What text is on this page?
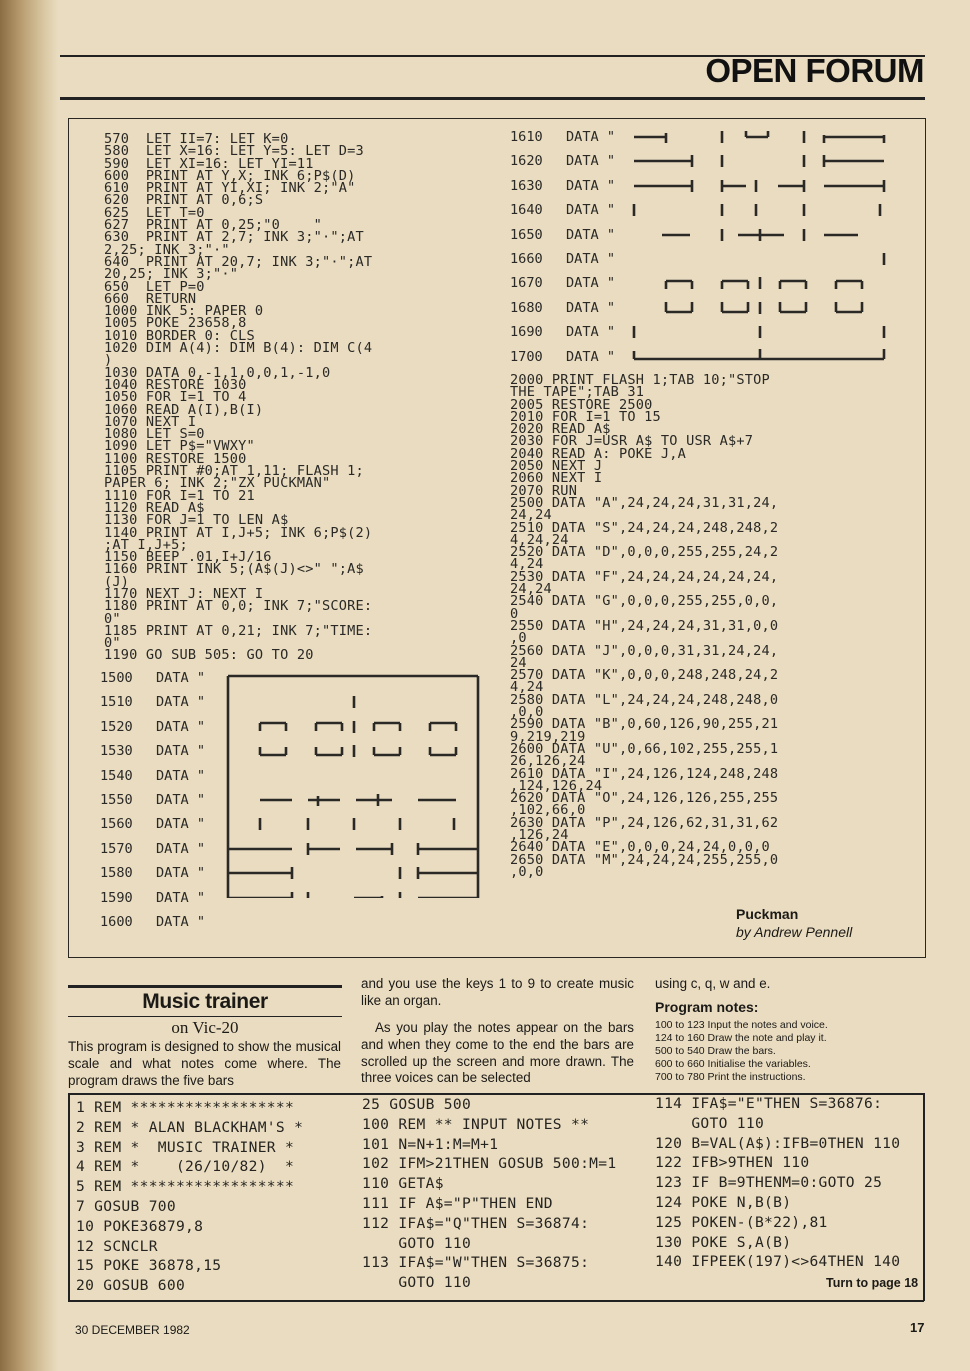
OPEN FORUM
570  LET II=7: LET K=0
580  LET X=16: LET Y=5: LET D=3
590  LET XI=16: LET YI=11
600  PRINT AT Y,X; INK 6;P$(D)
610  PRINT AT YI,XI; INK 2;"A"
620  PRINT AT 0,6;S
625  LET T=0
627  PRINT AT 0,25;"0    "
630  PRINT AT 2,7; INK 3;"·";AT
2,25; INK 3;"·"
640  PRINT AT 20,7; INK 3;"·";AT
20,25; INK 3;"·"
650  LET P=0
660  RETURN
1000 INK 5: PAPER 0
1005 POKE 23658,8
1010 BORDER 0: CLS
1020 DIM A(4): DIM B(4): DIM C(4
)
1030 DATA 0,-1,1,0,0,1,-1,0
1040 RESTORE 1030
1050 FOR I=1 TO 4
1060 READ A(I),B(I)
1070 NEXT I
1080 LET S=0
1090 LET P$="VWXY"
1100 RESTORE 1500
1105 PRINT #0;AT 1,11; FLASH 1;
PAPER 6; INK 2;"ZX PUCKMAN"
1110 FOR I=1 TO 21
1120 READ A$
1130 FOR J=1 TO LEN A$
1140 PRINT AT I,J+5; INK 6;P$(2)
;AT I,J+5;
1150 BEEP .01,I+J/16
1160 PRINT INK 5;(A$(J)<>" ";A$
(J)
1170 NEXT J: NEXT I
1180 PRINT AT 0,0; INK 7;"SCORE:
0"
1185 PRINT AT 0,21; INK 7;"TIME:
0"
1190 GO SUB 505: GO TO 20
1500 DATA "
1510 DATA "
1520 DATA "
1530 DATA "
1540 DATA "
1550 DATA "
1560 DATA "
1570 DATA "
1580 DATA "
1590 DATA "
1600 DATA "
1610 DATA "
1620 DATA "
1630 DATA "
1640 DATA "
1650 DATA "
1660 DATA "
1670 DATA "
1680 DATA "
1690 DATA "
1700 DATA "
2000 PRINT FLASH 1;TAB 10;"STOP
THE TAPE";TAB 31
2005 RESTORE 2500
2010 FOR I=1 TO 15
2020 READ A$
2030 FOR J=USR A$ TO USR A$+7
2040 READ A: POKE J,A
2050 NEXT J
2060 NEXT I
2070 RUN
2500 DATA "A",24,24,24,31,31,24,
24,24
2510 DATA "S",24,24,24,248,248,2
4,24,24
2520 DATA "D",0,0,0,255,255,24,2
4,24
2530 DATA "F",24,24,24,24,24,24,
24,24
2540 DATA "G",0,0,0,255,255,0,0,
0
2550 DATA "H",24,24,24,31,31,0,0
,0
2560 DATA "J",0,0,0,31,31,24,24,
24
2570 DATA "K",0,0,0,248,248,24,2
4,24
2580 DATA "L",24,24,24,248,248,0
,0,0
2590 DATA "B",0,60,126,90,255,21
9,219,219
2600 DATA "U",0,66,102,255,255,1
26,126,24
2610 DATA "I",24,126,124,248,248
,124,126,24
2620 DATA "O",24,126,126,255,255
,102,66,0
2630 DATA "P",24,126,62,31,31,62
,126,24
2640 DATA "E",0,0,0,24,24,0,0,0
2650 DATA "M",24,24,24,255,255,0
,0,0
Puckman
by Andrew Pennell
Music trainer
on Vic-20
This program is designed to show the musical scale and what notes come where. The program draws the five bars
and you use the keys 1 to 9 to create music like an organ.
As you play the notes appear on the bars and when they come to the end the bars are scrolled up the screen and more drawn. The three voices can be selected
using c, q, w and e.
Program notes:
100 to 123 Input the notes and voice.
124 to 160 Draw the note and play it.
500 to 540 Draw the bars.
600 to 660 Initialise the variables.
700 to 780 Print the instructions.
1 REM ******************
2 REM * ALAN BLACKHAM'S *
3 REM *  MUSIC TRAINER *
4 REM *    (26/10/82)  *
5 REM ******************
7 GOSUB 700
10 POKE36879,8
12 SCNCLR
15 POKE 36878,15
20 GOSUB 600
25 GOSUB 500
100 REM ** INPUT NOTES **
101 N=N+1:M=M+1
102 IFM>21THEN GOSUB 500:M=1
110 GETA$
111 IF A$="P"THEN END
112 IFA$="Q"THEN S=36874:
GOTO 110
113 IFA$="W"THEN S=36875:
GOTO 110
114 IFA$="E"THEN S=36876:
GOTO 110
120 B=VAL(A$):IFB=0THEN 110
122 IFB>9THEN 110
123 IF B=9THENM=0:GOTO 25
124 POKE N,B(B)
125 POKEN-(B*22),81
130 POKE S,A(B)
140 IFPEEK(197)<>64THEN 140
Turn to page 18
30 DECEMBER 1982	17
